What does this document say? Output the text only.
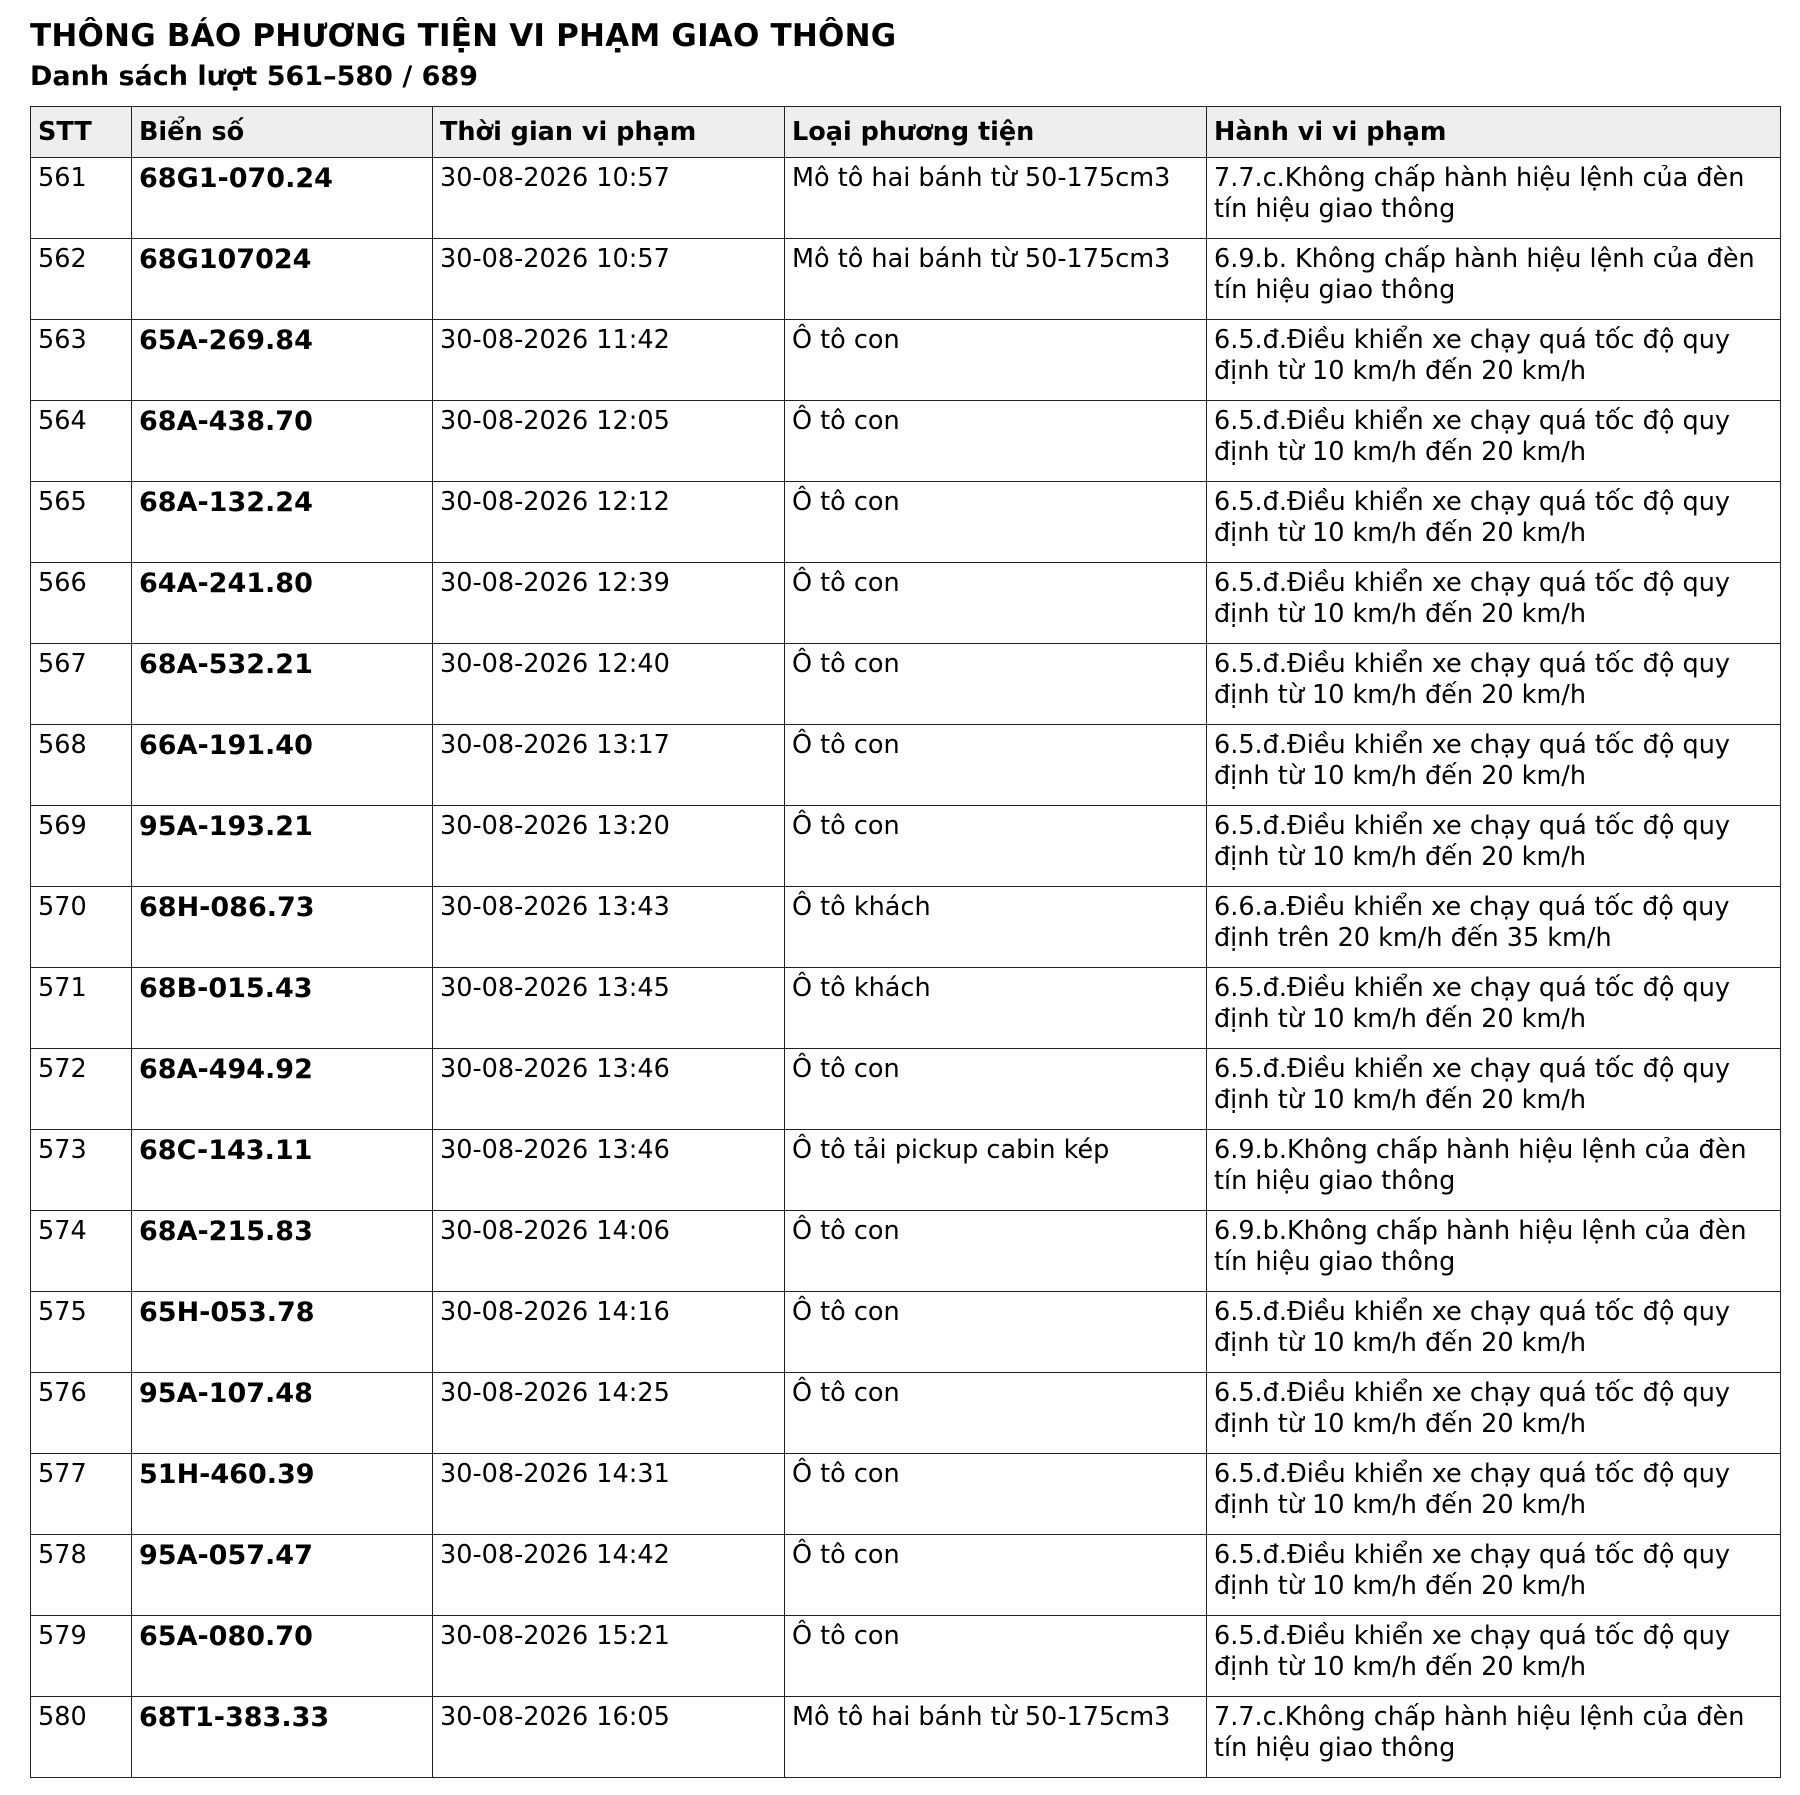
THÔNG BÁO PHƯƠNG TIỆN VI PHẠM GIAO THÔNG
Danh sách lượt 561–580 / 689
STT	Biển số	Thời gian vi phạm	Loại phương tiện	Hành vi vi phạm
561	68G1-070.24	30-08-2026 10:57	Mô tô hai bánh từ 50-175cm3	7.7.c.Không chấp hành hiệu lệnh của đèn tín hiệu giao thông
562	68G107024	30-08-2026 10:57	Mô tô hai bánh từ 50-175cm3	6.9.b. Không chấp hành hiệu lệnh của đèn tín hiệu giao thông
563	65A-269.84	30-08-2026 11:42	Ô tô con	6.5.đ.Điều khiển xe chạy quá tốc độ quy định từ 10 km/h đến 20 km/h
564	68A-438.70	30-08-2026 12:05	Ô tô con	6.5.đ.Điều khiển xe chạy quá tốc độ quy định từ 10 km/h đến 20 km/h
565	68A-132.24	30-08-2026 12:12	Ô tô con	6.5.đ.Điều khiển xe chạy quá tốc độ quy định từ 10 km/h đến 20 km/h
566	64A-241.80	30-08-2026 12:39	Ô tô con	6.5.đ.Điều khiển xe chạy quá tốc độ quy định từ 10 km/h đến 20 km/h
567	68A-532.21	30-08-2026 12:40	Ô tô con	6.5.đ.Điều khiển xe chạy quá tốc độ quy định từ 10 km/h đến 20 km/h
568	66A-191.40	30-08-2026 13:17	Ô tô con	6.5.đ.Điều khiển xe chạy quá tốc độ quy định từ 10 km/h đến 20 km/h
569	95A-193.21	30-08-2026 13:20	Ô tô con	6.5.đ.Điều khiển xe chạy quá tốc độ quy định từ 10 km/h đến 20 km/h
570	68H-086.73	30-08-2026 13:43	Ô tô khách	6.6.a.Điều khiển xe chạy quá tốc độ quy định trên 20 km/h đến 35 km/h
571	68B-015.43	30-08-2026 13:45	Ô tô khách	6.5.đ.Điều khiển xe chạy quá tốc độ quy định từ 10 km/h đến 20 km/h
572	68A-494.92	30-08-2026 13:46	Ô tô con	6.5.đ.Điều khiển xe chạy quá tốc độ quy định từ 10 km/h đến 20 km/h
573	68C-143.11	30-08-2026 13:46	Ô tô tải pickup cabin kép	6.9.b.Không chấp hành hiệu lệnh của đèn tín hiệu giao thông
574	68A-215.83	30-08-2026 14:06	Ô tô con	6.9.b.Không chấp hành hiệu lệnh của đèn tín hiệu giao thông
575	65H-053.78	30-08-2026 14:16	Ô tô con	6.5.đ.Điều khiển xe chạy quá tốc độ quy định từ 10 km/h đến 20 km/h
576	95A-107.48	30-08-2026 14:25	Ô tô con	6.5.đ.Điều khiển xe chạy quá tốc độ quy định từ 10 km/h đến 20 km/h
577	51H-460.39	30-08-2026 14:31	Ô tô con	6.5.đ.Điều khiển xe chạy quá tốc độ quy định từ 10 km/h đến 20 km/h
578	95A-057.47	30-08-2026 14:42	Ô tô con	6.5.đ.Điều khiển xe chạy quá tốc độ quy định từ 10 km/h đến 20 km/h
579	65A-080.70	30-08-2026 15:21	Ô tô con	6.5.đ.Điều khiển xe chạy quá tốc độ quy định từ 10 km/h đến 20 km/h
580	68T1-383.33	30-08-2026 16:05	Mô tô hai bánh từ 50-175cm3	7.7.c.Không chấp hành hiệu lệnh của đèn tín hiệu giao thông
